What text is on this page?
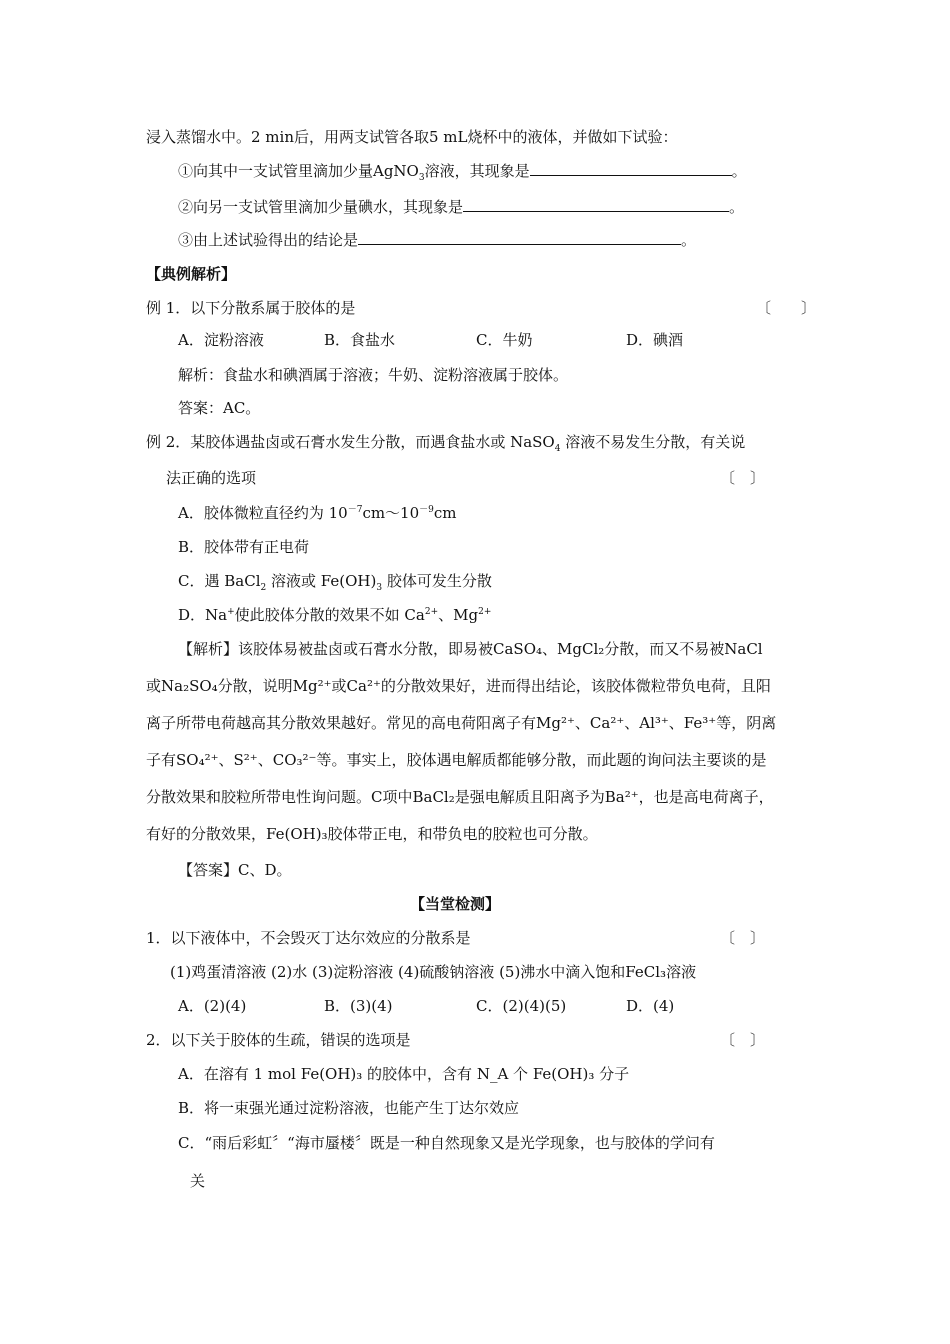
浸入蒸馏水中。2 min后，用两支试管各取5 mL烧杯中的液体，并做如下试验：
①向其中一支试管里滴加少量AgNO$_3$溶液，其现象是	。
②向另一支试管里滴加少量碘水，其现象是	。
③由上述试验得出的结论是	。
【典例解析】
例 1．以下分散系属于胶体的是	〔　　〕
A．淀粉溶液	B．食盐水	C．牛奶	D．碘酒
解析：食盐水和碘酒属于溶液；牛奶、淀粉溶液属于胶体。
答案：AC。
例 2．某胶体遇盐卤或石膏水发生分散，而遇食盐水或 NaSO$_4$ 溶液不易发生分散，有关说
法正确的选项	〔　〕
A．胶体微粒直径约为 $10^{-7}cm\sim 10^{-9}cm$
B．胶体带有正电荷
C．遇 BaCl$_2$ 溶液或 $Fe(OH)_3$ 胶体可发生分散
D．Na+使此胶体分散的效果不如 $Ca^{2+}$、$Mg^{2+}$
【解析】该胶体易被盐卤或石膏水分散，即易被CaSO₄、MgCl₂分散，而又不易被NaCl
或Na₂SO₄分散，说明Mg²⁺或Ca²⁺的分散效果好，进而得出结论，该胶体微粒带负电荷，且阳
离子所带电荷越高其分散效果越好。常见的高电荷阳离子有Mg²⁺、Ca²⁺、Al³⁺、Fe³⁺等，阴离
子有SO₄²⁺、S²⁺、CO₃²⁻等。事实上，胶体遇电解质都能够分散，而此题的询问法主要谈的是
分散效果和胶粒所带电性询问题。C项中BaCl₂是强电解质且阳离予为Ba²⁺，也是高电荷离子，
有好的分散效果，Fe(OH)₃胶体带正电，和带负电的胶粒也可分散。
【答案】C、D。
【当堂检测】
1．以下液体中，不会毁灭丁达尔效应的分散系是	〔　〕
(1)鸡蛋清溶液 (2)水 (3)淀粉溶液 (4)硫酸钠溶液 (5)沸水中滴入饱和FeCl₃溶液
A．(2)(4)	B．(3)(4)	C．(2)(4)(5)	D．(4)
2．以下关于胶体的生疏，错误的选项是	〔　〕
A．在溶有 1 mol Fe(OH)₃ 的胶体中，含有 N_A 个 Fe(OH)₃ 分子
B．将一束强光通过淀粉溶液，也能产生丁达尔效应
C．“雨后彩虹〞“海市蜃楼〞既是一种自然现象又是光学现象，也与胶体的学问有
关
